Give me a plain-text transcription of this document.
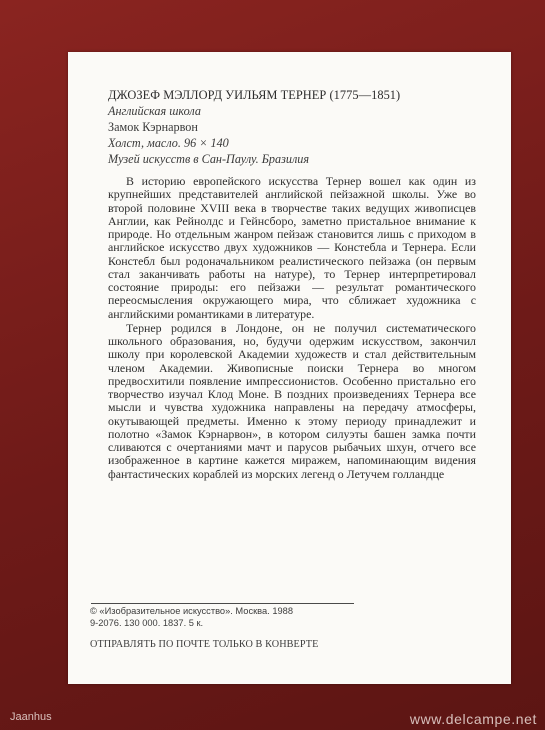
ДЖОЗЕФ МЭЛЛОРД УИЛЬЯМ ТЕРНЕР (1775—1851)

Английская школа

Замок Кэрнарвон

Холст, масло. 96 × 140

Музей искусств в Сан-Паулу. Бразилия

В историю европейского искусства Тернер вошел как один из крупнейших представителей английской пейзажной школы. Уже во второй половине XVIII века в творчестве таких ведущих живописцев Англии, как Рейнолдс и Гейнсборо, заметно пристальное внимание к природе. Но отдельным жанром пейзаж становится лишь с приходом в английское искусство двух художников — Констебла и Тернера. Если Констебл был родоначальником реалистического пейзажа (он первым стал заканчивать работы на натуре), то Тернер интерпретировал состояние природы: его пейзажи — результат романтического переосмысления окружающего мира, что сближает художника с английскими романтиками в литературе.

Тернер родился в Лондоне, он не получил систематического школьного образования, но, будучи одержим искусством, закончил школу при королевской Академии художеств и стал действительным членом Академии. Живописные поиски Тернера во многом предвосхитили появление импрессионистов. Особенно пристально его творчество изучал Клод Моне. В поздних произведениях Тернера все мысли и чувства художника направлены на передачу атмосферы, окутывающей предметы. Именно к этому периоду принадлежит и полотно «Замок Кэрнарвон», в котором силуэты башен замка почти сливаются с очертаниями мачт и парусов рыбачьих шхун, отчего все изображенное в картине кажется миражем, напоминающим видения фантастических кораблей из морских легенд о Летучем голландце

© «Изобразительное искусство». Москва. 1988

9-2076. 130 000. 1837. 5 к.

ОТПРАВЛЯТЬ ПО ПОЧТЕ ТОЛЬКО В КОНВЕРТЕ

Jaanhus	www.delcampe.net
